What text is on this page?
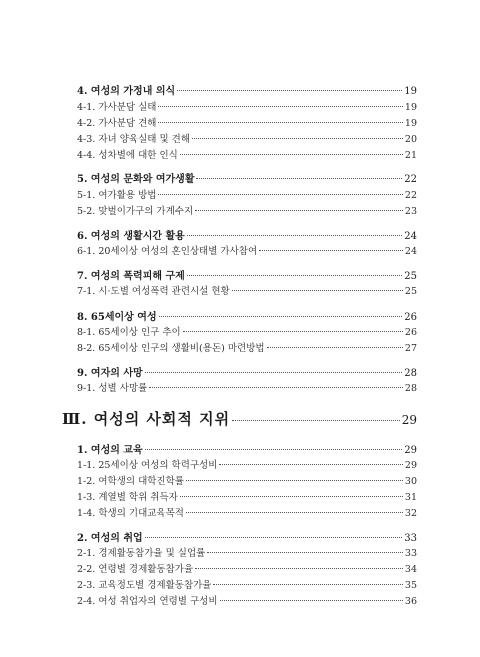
4. 여성의 가정내 의식	19
4-1. 가사분담 실태	19
4-2. 가사분담 견해	19
4-3. 자녀 양육실태 및 견해	20
4-4. 성차별에 대한 인식	21
5. 여성의 문화와 여가생활	22
5-1. 여가활용 방법	22
5-2. 맞벌이가구의 가계수지	23
6. 여성의 생활시간 활용	24
6-1. 20세이상 여성의 혼인상태별 가사참여	24
7. 여성의 폭력피해 구제	25
7-1. 시·도별 여성폭력 관련시설 현황	25
8. 65세이상 여성	26
8-1. 65세이상 인구 추이	26
8-2. 65세이상 인구의 생활비(용돈) 마련방법	27
9. 여자의 사망	28
9-1. 성별 사망률	28
Ⅲ. 여성의 사회적 지위	29
1. 여성의 교육	29
1-1. 25세이상 여성의 학력구성비	29
1-2. 여학생의 대학진학률	30
1-3. 계열별 학위 취득자	31
1-4. 학생의 기대교육목적	32
2. 여성의 취업	33
2-1. 경제활동참가율 및 실업률	33
2-2. 연령별 경제활동참가율	34
2-3. 교육정도별 경제활동참가율	35
2-4. 여성 취업자의 연령별 구성비	36
